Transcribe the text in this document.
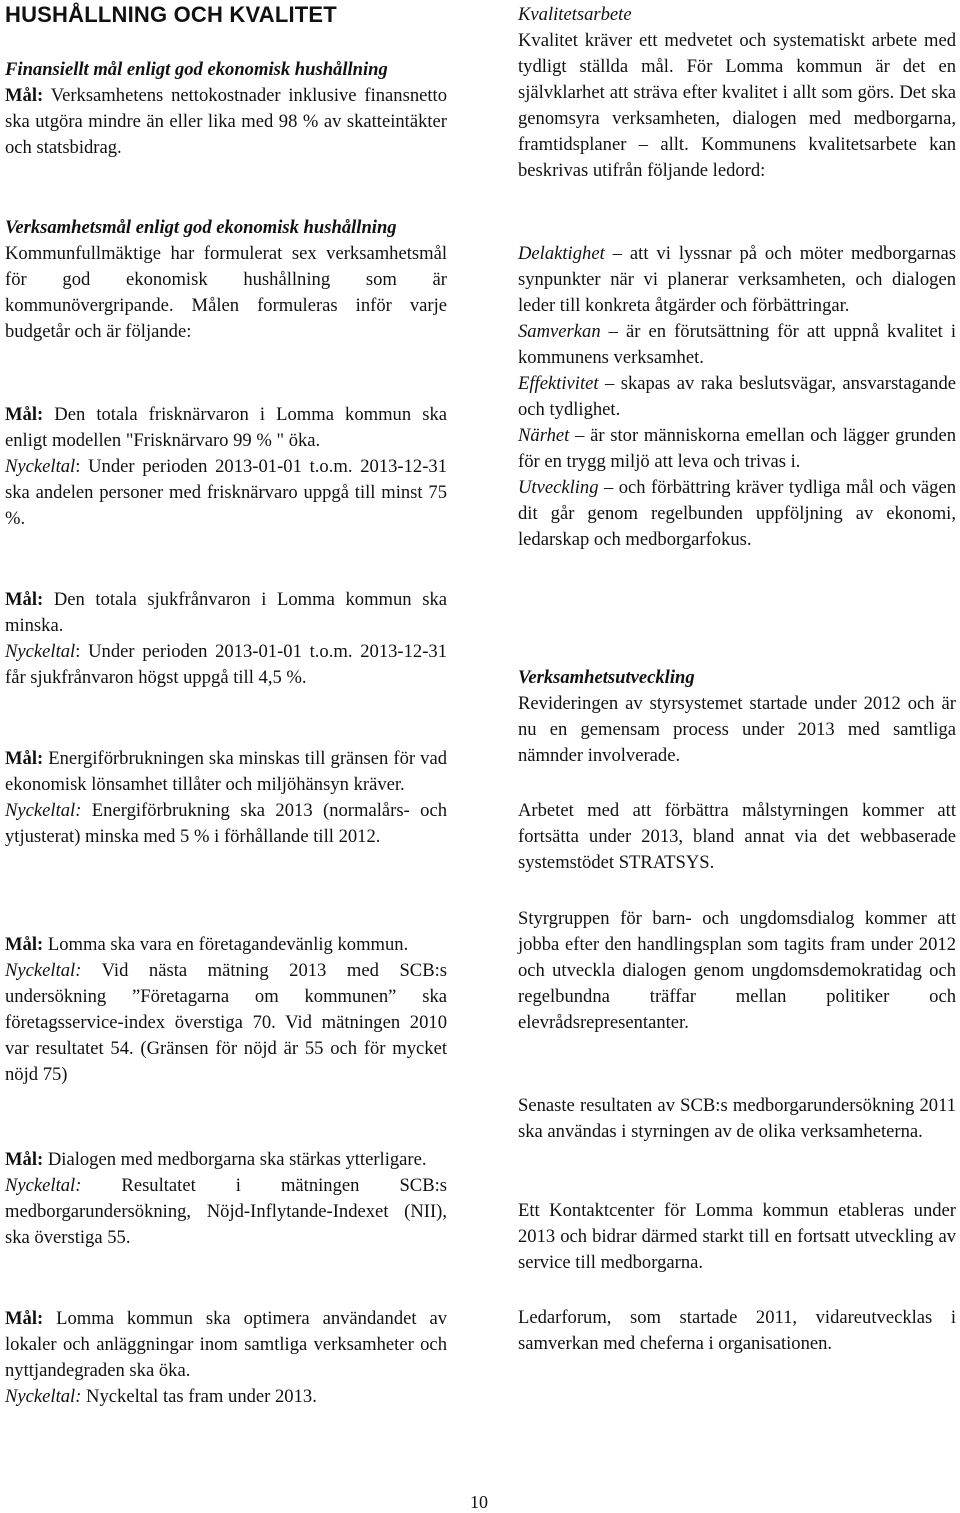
HUSHÅLLNING OCH KVALITET

Finansiellt mål enligt god ekonomisk hushållning

Mål: Verksamhetens nettokostnader inklusive finansnetto ska utgöra mindre än eller lika med 98 % av skatteintäkter och statsbidrag.

Verksamhetsmål enligt god ekonomisk hushållning

Kommunfullmäktige har formulerat sex verksamhetsmål för god ekonomisk hushållning som är kommunövergripande. Målen formuleras inför varje budgetår och är följande:

Mål: Den totala frisknärvaron i Lomma kommun ska enligt modellen "Frisknärvaro 99 % " öka.

Nyckeltal: Under perioden 2013-01-01 t.o.m. 2013-12-31 ska andelen personer med frisknärvaro uppgå till minst 75 %.

Mål: Den totala sjukfrånvaron i Lomma kommun ska minska.

Nyckeltal: Under perioden 2013-01-01 t.o.m. 2013-12-31 får sjukfrånvaron högst uppgå till 4,5 %.

Mål: Energiförbrukningen ska minskas till gränsen för vad ekonomisk lönsamhet tillåter och miljöhänsyn kräver.

Nyckeltal: Energiförbrukning ska 2013 (normalårs- och ytjusterat) minska med 5 % i förhållande till 2012.

Mål: Lomma ska vara en företagandevänlig kommun.

Nyckeltal: Vid nästa mätning 2013 med SCB:s undersökning ”Företagarna om kommunen” ska företagsservice-index överstiga 70. Vid mätningen 2010 var resultatet 54. (Gränsen för nöjd är 55 och för mycket nöjd 75)

Mål: Dialogen med medborgarna ska stärkas ytterligare.

Nyckeltal: Resultatet i mätningen SCB:s medborgarundersökning, Nöjd-Inflytande-Indexet (NII), ska överstiga 55.

Mål: Lomma kommun ska optimera användandet av lokaler och anläggningar inom samtliga verksamheter och nyttjandegraden ska öka.

Nyckeltal: Nyckeltal tas fram under 2013.

Kvalitetsarbete

Kvalitet kräver ett medvetet och systematiskt arbete med tydligt ställda mål. För Lomma kommun är det en självklarhet att sträva efter kvalitet i allt som görs. Det ska genomsyra verksamheten, dialogen med medborgarna, framtidsplaner – allt. Kommunens kvalitetsarbete kan beskrivas utifrån följande ledord:

Delaktighet – att vi lyssnar på och möter medborgarnas synpunkter när vi planerar verksamheten, och dialogen leder till konkreta åtgärder och förbättringar.

Samverkan – är en förutsättning för att uppnå kvalitet i kommunens verksamhet.

Effektivitet – skapas av raka beslutsvägar, ansvarstagande och tydlighet.

Närhet – är stor människorna emellan och lägger grunden för en trygg miljö att leva och trivas i.

Utveckling – och förbättring kräver tydliga mål och vägen dit går genom regelbunden uppföljning av ekonomi, ledarskap och medborgarfokus.

Verksamhetsutveckling

Revideringen av styrsystemet startade under 2012 och är nu en gemensam process under 2013 med samtliga nämnder involverade.

Arbetet med att förbättra målstyrningen kommer att fortsätta under 2013, bland annat via det webbaserade systemstödet STRATSYS.

Styrgruppen för barn- och ungdomsdialog kommer att jobba efter den handlingsplan som tagits fram under 2012 och utveckla dialogen genom ungdomsdemokratidag och regelbundna träffar mellan politiker och elevrådsrepresentanter.

Senaste resultaten av SCB:s medborgarundersökning 2011 ska användas i styrningen av de olika verksamheterna.

Ett Kontaktcenter för Lomma kommun etableras under 2013 och bidrar därmed starkt till en fortsatt utveckling av service till medborgarna.

Ledarforum, som startade 2011, vidareutvecklas i samverkan med cheferna i organisationen.

10
